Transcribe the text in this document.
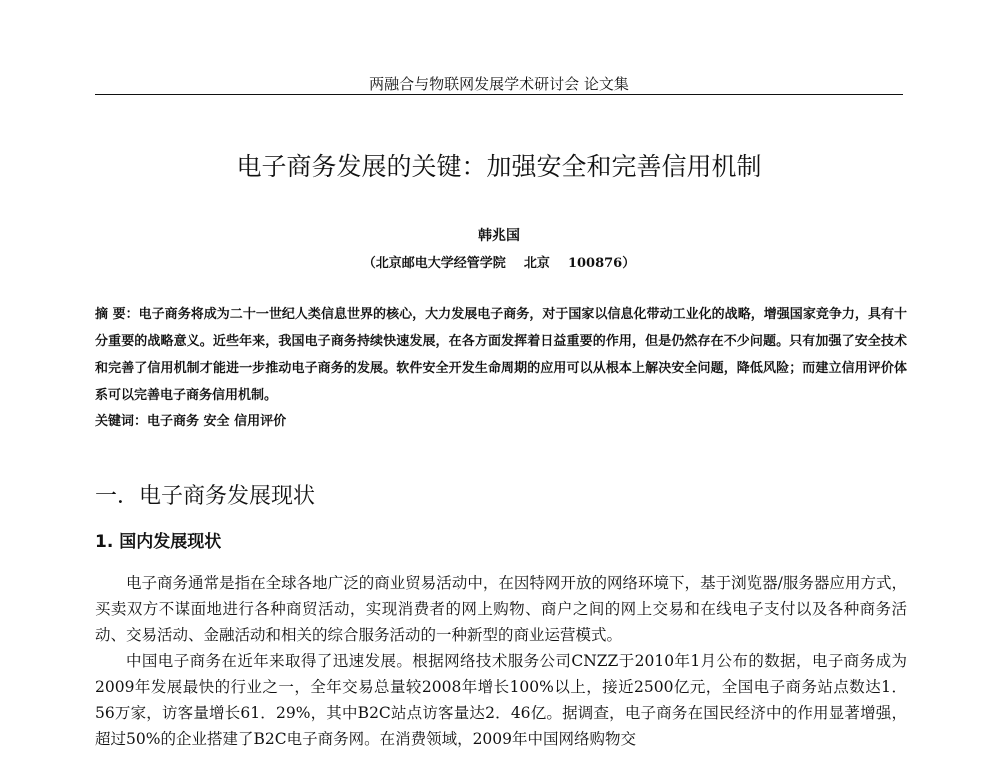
两融合与物联网发展学术研讨会 论文集
电子商务发展的关键：加强安全和完善信用机制
韩兆国
（北京邮电大学经管学院    北京    100876）

摘 要：电子商务将成为二十一世纪人类信息世界的核心，大力发展电子商务，对于国家以信息化带动工业化的战略，增强国家竞争力，具有十分重要的战略意义。近些年来，我国电子商务持续快速发展，在各方面发挥着日益重要的作用，但是仍然存在不少问题。只有加强了安全技术和完善了信用机制才能进一步推动电子商务的发展。软件安全开发生命周期的应用可以从根本上解决安全问题，降低风险；而建立信用评价体系可以完善电子商务信用机制。

关键词：电子商务 安全 信用评价

一．电子商务发展现状
1. 国内发展现状

电子商务通常是指在全球各地广泛的商业贸易活动中，在因特网开放的网络环境下，基于浏览器/服务器应用方式，买卖双方不谋面地进行各种商贸活动，实现消费者的网上购物、商户之间的网上交易和在线电子支付以及各种商务活动、交易活动、金融活动和相关的综合服务活动的一种新型的商业运营模式。

中国电子商务在近年来取得了迅速发展。根据网络技术服务公司CNZZ于2010年1月公布的数据，电子商务成为2009年发展最快的行业之一，全年交易总量较2008年增长100%以上，接近2500亿元，全国电子商务站点数达1．56万家，访客量增长61．29%，其中B2C站点访客量达2．46亿。据调查，电子商务在国民经济中的作用显著增强，超过50%的企业搭建了B2C电子商务网。在消费领域，2009年中国网络购物交
